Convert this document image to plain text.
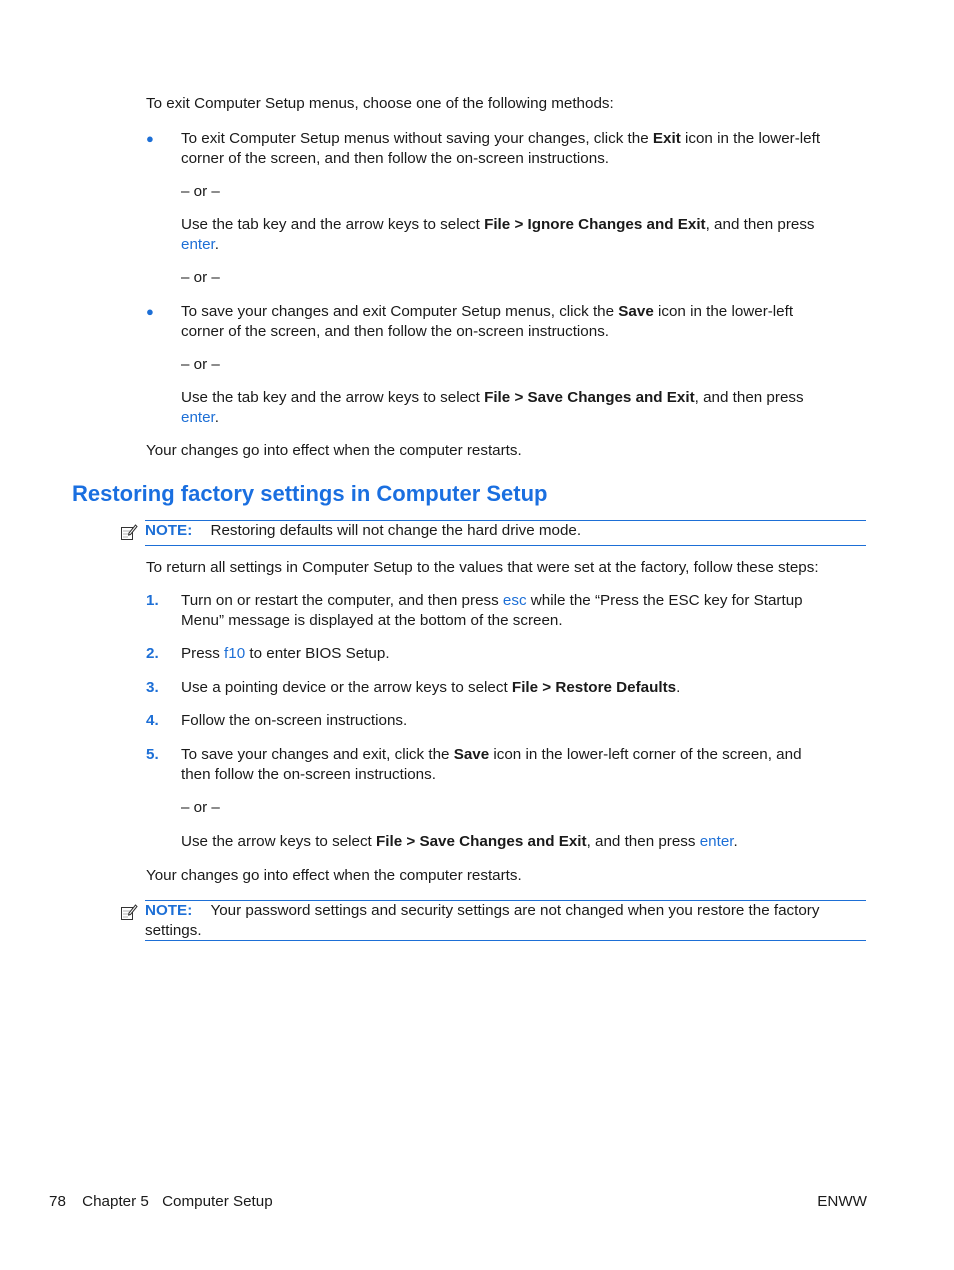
To exit Computer Setup menus, choose one of the following methods:
● To exit Computer Setup menus without saving your changes, click the Exit icon in the lower-left
corner of the screen, and then follow the on-screen instructions.
– or –
Use the tab key and the arrow keys to select File > Ignore Changes and Exit, and then press
enter.
– or –
● To save your changes and exit Computer Setup menus, click the Save icon in the lower-left
corner of the screen, and then follow the on-screen instructions.
– or –
Use the tab key and the arrow keys to select File > Save Changes and Exit, and then press
enter.
Your changes go into effect when the computer restarts.
Restoring factory settings in Computer Setup
NOTE: Restoring defaults will not change the hard drive mode.
To return all settings in Computer Setup to the values that were set at the factory, follow these steps:
1. Turn on or restart the computer, and then press esc while the “Press the ESC key for Startup
Menu” message is displayed at the bottom of the screen.
2. Press f10 to enter BIOS Setup.
3. Use a pointing device or the arrow keys to select File > Restore Defaults.
4. Follow the on-screen instructions.
5. To save your changes and exit, click the Save icon in the lower-left corner of the screen, and
then follow the on-screen instructions.
– or –
Use the arrow keys to select File > Save Changes and Exit, and then press enter.
Your changes go into effect when the computer restarts.
NOTE: Your password settings and security settings are not changed when you restore the factory
settings.
78 Chapter 5 Computer Setup	ENWW
